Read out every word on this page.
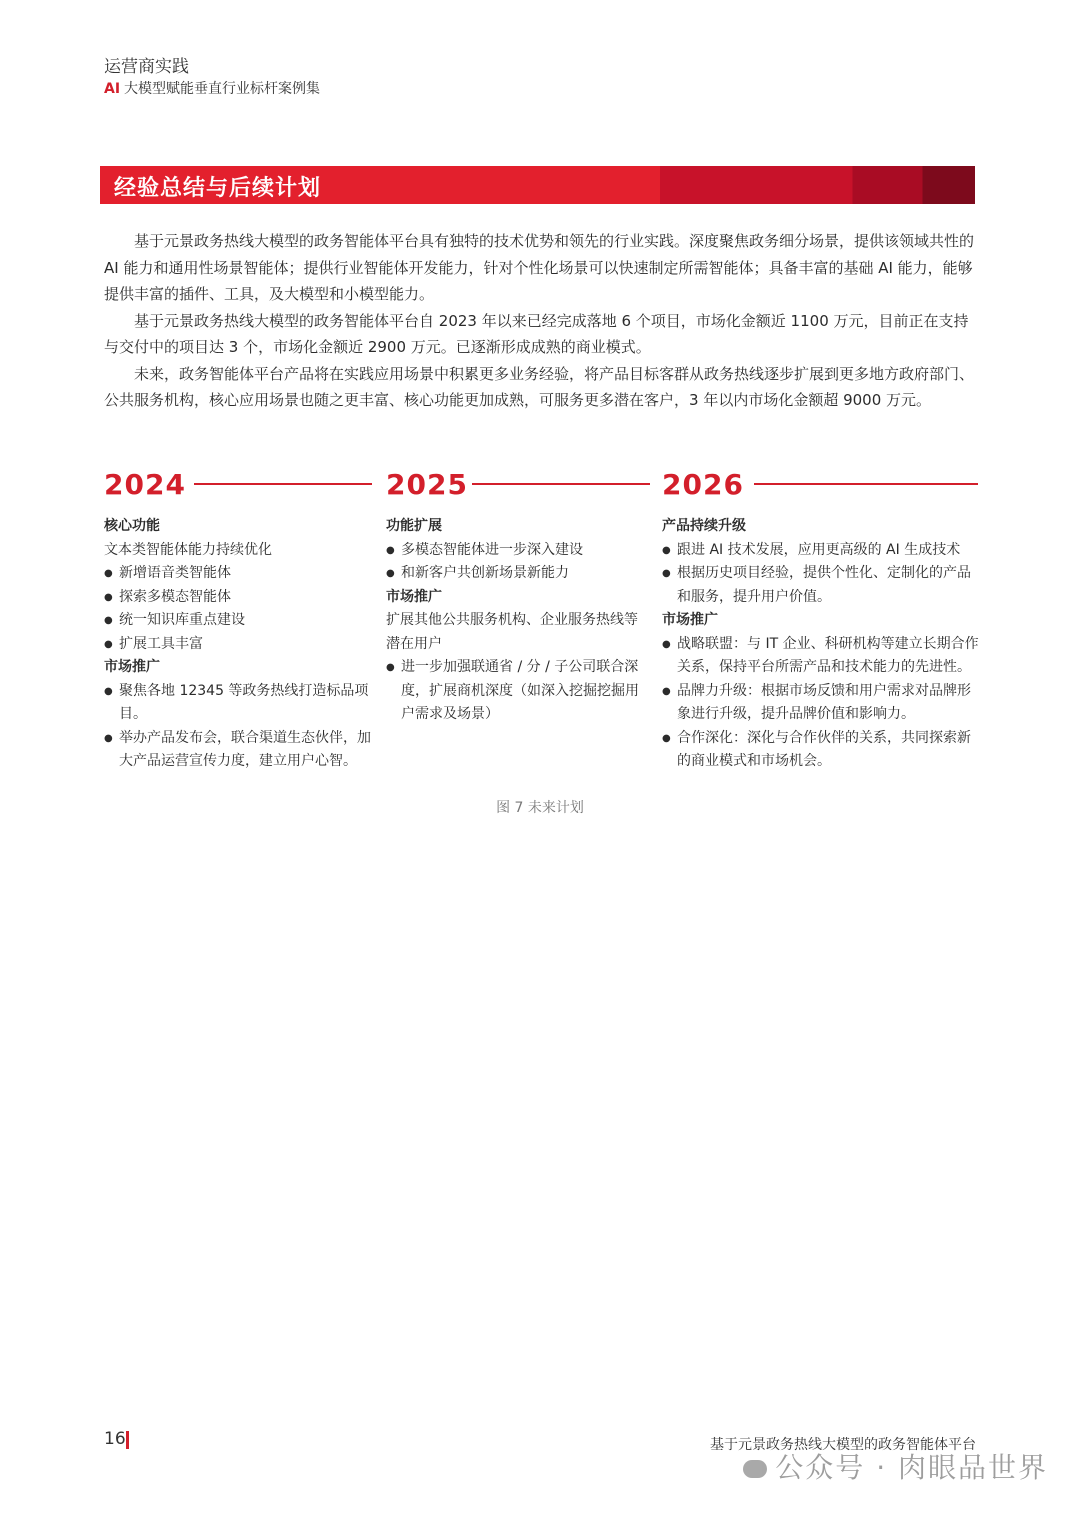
运营商实践
AI 大模型赋能垂直行业标杆案例集
经验总结与后续计划

基于元景政务热线大模型的政务智能体平台具有独特的技术优势和领先的行业实践。深度聚焦政务细分场景，提供该领域共性的 AI 能力和通用性场景智能体；提供行业智能体开发能力，针对个性化场景可以快速制定所需智能体；具备丰富的基础 AI 能力，能够提供丰富的插件、工具，及大模型和小模型能力。

基于元景政务热线大模型的政务智能体平台自 2023 年以来已经完成落地 6 个项目，市场化金额近 1100 万元，目前正在支持与交付中的项目达 3 个，市场化金额近 2900 万元。已逐渐形成成熟的商业模式。

未来，政务智能体平台产品将在实践应用场景中积累更多业务经验，将产品目标客群从政务热线逐步扩展到更多地方政府部门、公共服务机构，核心应用场景也随之更丰富、核心功能更加成熟，可服务更多潜在客户，3 年以内市场化金额超 9000 万元。

2024
核心功能
文本类智能体能力持续优化
● 新增语音类智能体
● 探索多模态智能体
● 统一知识库重点建设
● 扩展工具丰富
市场推广
● 聚焦各地 12345 等政务热线打造标品项目。
● 举办产品发布会，联合渠道生态伙伴，加大产品运营宣传力度，建立用户心智。
2025
功能扩展
● 多模态智能体进一步深入建设
● 和新客户共创新场景新能力
市场推广
扩展其他公共服务机构、企业服务热线等潜在用户
● 进一步加强联通省 / 分 / 子公司联合深度，扩展商机深度（如深入挖掘挖掘用户需求及场景）
2026
产品持续升级
● 跟进 AI 技术发展，应用更高级的 AI 生成技术
● 根据历史项目经验，提供个性化、定制化的产品和服务，提升用户价值。
市场推广
● 战略联盟：与 IT 企业、科研机构等建立长期合作关系，保持平台所需产品和技术能力的先进性。
● 品牌力升级：根据市场反馈和用户需求对品牌形象进行升级，提升品牌价值和影响力。
● 合作深化：深化与合作伙伴的关系，共同探索新的商业模式和市场机会。
图 7 未来计划
16	基于元景政务热线大模型的政务智能体平台
公众号 · 肉眼品世界
